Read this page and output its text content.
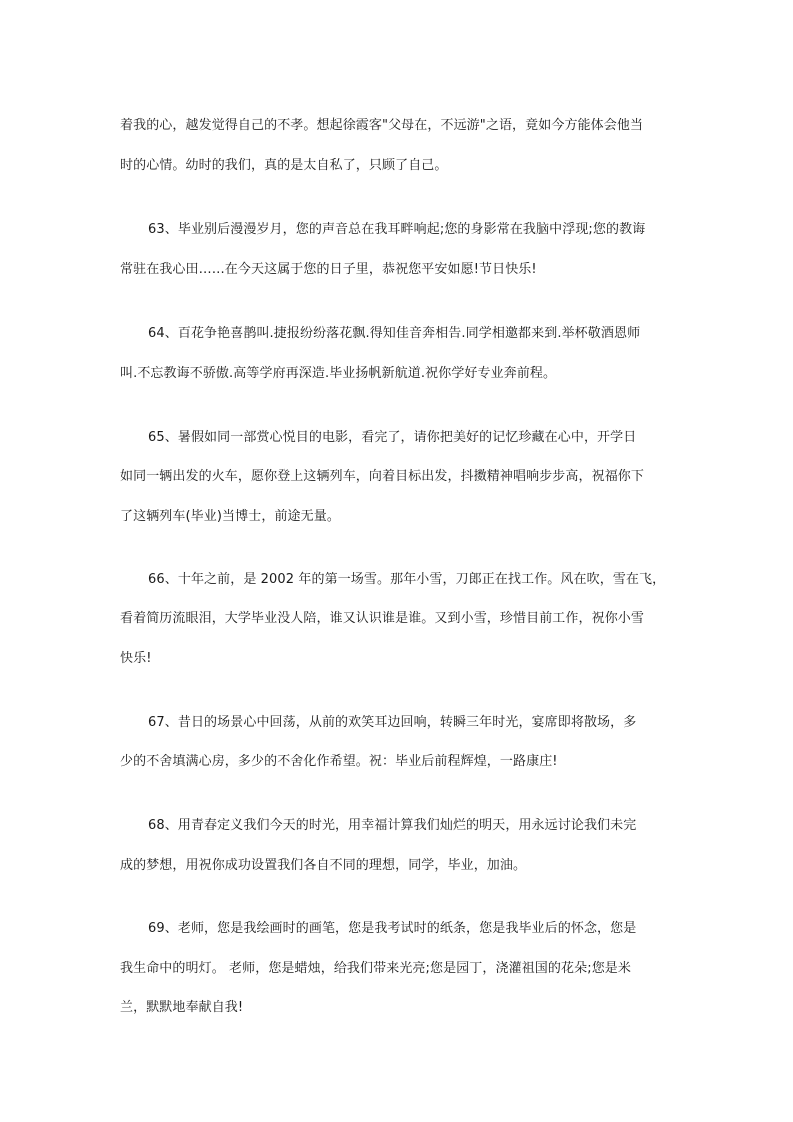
着我的心，越发觉得自己的不孝。想起徐霞客"父母在，不远游"之语，竟如今方能体会他当
时的心情。幼时的我们，真的是太自私了，只顾了自己。
63、毕业别后漫漫岁月，您的声音总在我耳畔响起;您的身影常在我脑中浮现;您的教诲
常驻在我心田……在今天这属于您的日子里，恭祝您平安如愿!节日快乐!
64、百花争艳喜鹊叫.捷报纷纷落花飘.得知佳音奔相告.同学相邀都来到.举杯敬酒恩师
叫.不忘教诲不骄傲.高等学府再深造.毕业扬帆新航道.祝你学好专业奔前程。
65、暑假如同一部赏心悦目的电影，看完了，请你把美好的记忆珍藏在心中，开学日
如同一辆出发的火车，愿你登上这辆列车，向着目标出发，抖擞精神唱响步步高，祝福你下
了这辆列车(毕业)当博士，前途无量。
66、十年之前，是 2002 年的第一场雪。那年小雪，刀郎正在找工作。风在吹，雪在飞，
看着简历流眼泪，大学毕业没人陪，谁又认识谁是谁。又到小雪，珍惜目前工作，祝你小雪
快乐!
67、昔日的场景心中回荡，从前的欢笑耳边回响，转瞬三年时光，宴席即将散场，多
少的不舍填满心房，多少的不舍化作希望。祝：毕业后前程辉煌，一路康庄!
68、用青春定义我们今天的时光，用幸福计算我们灿烂的明天，用永远讨论我们未完
成的梦想，用祝你成功设置我们各自不同的理想，同学，毕业，加油。
69、老师，您是我绘画时的画笔，您是我考试时的纸条，您是我毕业后的怀念，您是
我生命中的明灯。 老师，您是蜡烛，给我们带来光亮;您是园丁，浇灌祖国的花朵;您是米
兰，默默地奉献自我!
